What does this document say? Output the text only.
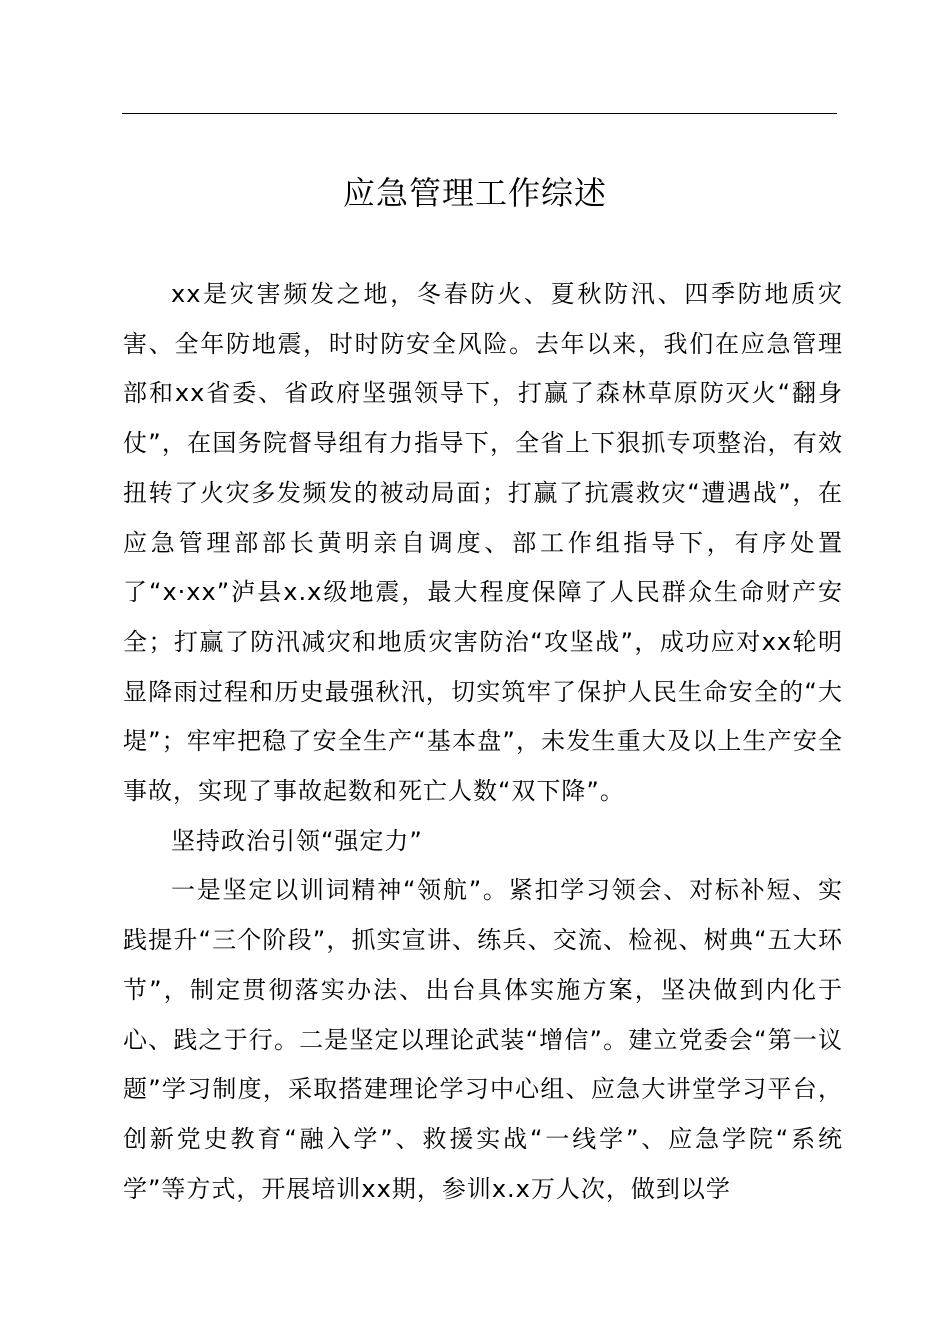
应急管理工作综述

xx是灾害频发之地，冬春防火、夏秋防汛、四季防地质灾害、全年防地震，时时防安全风险。去年以来，我们在应急管理部和xx省委、省政府坚强领导下，打赢了森林草原防灭火“翻身仗”，在国务院督导组有力指导下，全省上下狠抓专项整治，有效扭转了火灾多发频发的被动局面；打赢了抗震救灾“遭遇战”，在应急管理部部长黄明亲自调度、部工作组指导下，有序处置了“x·xx”泸县x.x级地震，最大程度保障了人民群众生命财产安全；打赢了防汛减灾和地质灾害防治“攻坚战”，成功应对xx轮明显降雨过程和历史最强秋汛，切实筑牢了保护人民生命安全的“大堤”；牢牢把稳了安全生产“基本盘”，未发生重大及以上生产安全事故，实现了事故起数和死亡人数“双下降”。

坚持政治引领“强定力”

一是坚定以训词精神“领航”。紧扣学习领会、对标补短、实践提升“三个阶段”，抓实宣讲、练兵、交流、检视、树典“五大环节”，制定贯彻落实办法、出台具体实施方案，坚决做到内化于心、践之于行。二是坚定以理论武装“增信”。建立党委会“第一议题”学习制度，采取搭建理论学习中心组、应急大讲堂学习平台，创新党史教育“融入学”、救援实战“一线学”、应急学院“系统学”等方式，开展培训xx期，参训x.x万人次，做到以学
